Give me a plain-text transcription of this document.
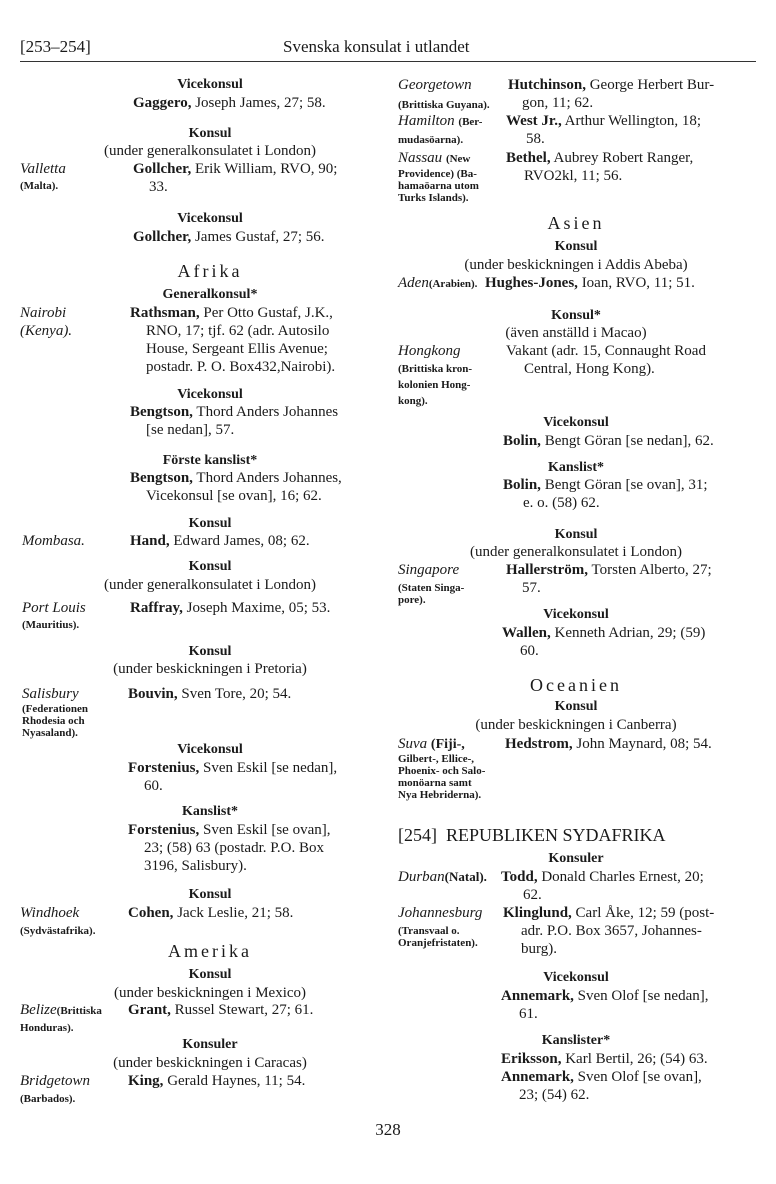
[253–254]	Svenska konsulat i utlandet
Vicekonsul
Gaggero, Joseph James, 27; 58.
Konsul
(under generalkonsulatet i London)
Valletta
(Malta).
Gollcher, Erik William, RVO, 90;
33.
Vicekonsul
Gollcher, James Gustaf, 27; 56.
Afrika
Generalkonsul*
Nairobi
(Kenya).
Rathsman, Per Otto Gustaf, J.K.,
RNO, 17; tjf. 62 (adr. Autosilo
House, Sergeant Ellis Avenue;
postadr. P. O. Box432,Nairobi).
Vicekonsul
Bengtson, Thord Anders Johannes
[se nedan], 57.
Förste kanslist*
Bengtson, Thord Anders Johannes,
Vicekonsul [se ovan], 16; 62.
Konsul
Mombasa.	Hand, Edward James, 08; 62.
Konsul
(under generalkonsulatet i London)
Port Louis
(Mauritius).
Raffray, Joseph Maxime, 05; 53.
Konsul
(under beskickningen i Pretoria)
Salisbury
(Federationen
Rhodesia och
Nyasaland).
Bouvin, Sven Tore, 20; 54.
Vicekonsul
Forstenius, Sven Eskil [se nedan],
60.
Kanslist*
Forstenius, Sven Eskil [se ovan],
23; (58) 63 (postadr. P.O. Box
3196, Salisbury).
Konsul
Windhoek
(Sydvästafrika).
Cohen, Jack Leslie, 21; 58.
Amerika
Konsul
(under beskickningen i Mexico)
Belize(Brittiska
Honduras).
Grant, Russel Stewart, 27; 61.
Konsuler
(under beskickningen i Caracas)
Bridgetown
(Barbados).
King, Gerald Haynes, 11; 54.
Georgetown
(Brittiska Guyana).
Hutchinson, George Herbert Bur-
gon, 11; 62.
Hamilton (Ber-
mudasöarna).
West Jr., Arthur Wellington, 18;
58.
Nassau (New
Providence) (Ba-
hamaöarna utom
Turks Islands).
Bethel, Aubrey Robert Ranger,
RVO2kl, 11; 56.
Asien
Konsul
(under beskickningen i Addis Abeba)
Aden(Arabien). Hughes-Jones, Ioan, RVO, 11; 51.
Konsul*
(även anställd i Macao)
Hongkong
(Brittiska kron-
kolonien Hong-
kong).
Vakant (adr. 15, Connaught Road
Central, Hong Kong).
Vicekonsul
Bolin, Bengt Göran [se nedan], 62.
Kanslist*
Bolin, Bengt Göran [se ovan], 31;
e. o. (58) 62.
Konsul
(under generalkonsulatet i London)
Singapore
(Staten Singa-
pore).
Hallerström, Torsten Alberto, 27;
57.
Vicekonsul
Wallen, Kenneth Adrian, 29; (59)
60.
Oceanien
Konsul
(under beskickningen i Canberra)
Suva (Fiji-,
Gilbert-, Ellice-,
Phoenix- och Salo-
monöarna samt
Nya Hebriderna).
Hedstrom, John Maynard, 08; 54.
[254] REPUBLIKEN SYDAFRIKA
Konsuler
Durban(Natal). Todd, Donald Charles Ernest, 20;
62.
Johannesburg
(Transvaal o.
Oranjefristaten).
Klinglund, Carl Åke, 12; 59 (post-
adr. P.O. Box 3657, Johannes-
burg).
Vicekonsul
Annemark, Sven Olof [se nedan],
61.
Kanslister*
Eriksson, Karl Bertil, 26; (54) 63.
Annemark, Sven Olof [se ovan],
23; (54) 62.
328
